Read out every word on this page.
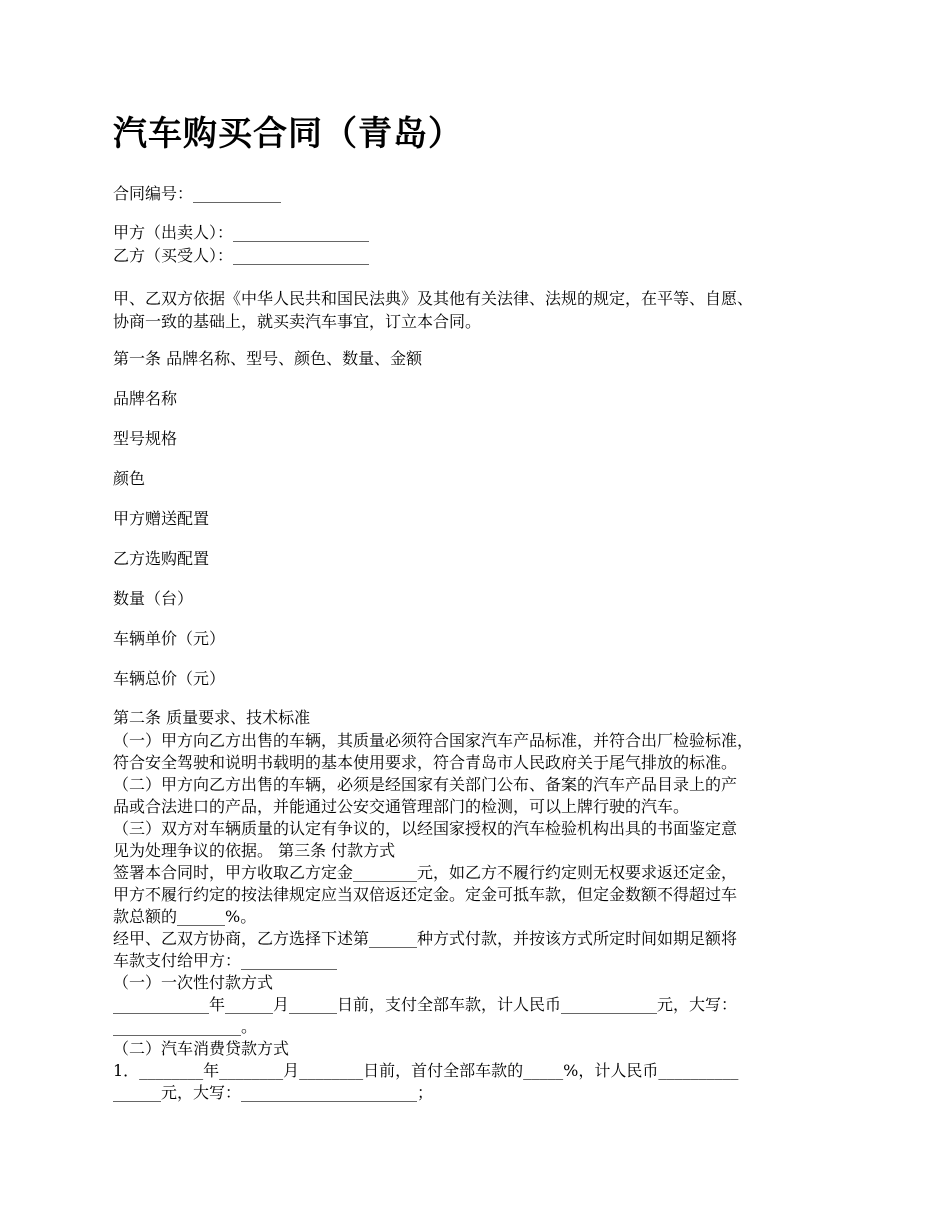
汽车购买合同（青岛）
合同编号：___________
甲方（出卖人）：_________________
乙方（买受人）：_________________
甲、乙双方依据《中华人民共和国民法典》及其他有关法律、法规的规定，在平等、自愿、
协商一致的基础上，就买卖汽车事宜，订立本合同。
第一条 品牌名称、型号、颜色、数量、金额
品牌名称
型号规格
颜色
甲方赠送配置
乙方选购配置
数量（台）
车辆单价（元）
车辆总价（元）
第二条 质量要求、技术标准
（一）甲方向乙方出售的车辆，其质量必须符合国家汽车产品标准，并符合出厂检验标准，
符合安全驾驶和说明书载明的基本使用要求，符合青岛市人民政府关于尾气排放的标准。
（二）甲方向乙方出售的车辆，必须是经国家有关部门公布、备案的汽车产品目录上的产
品或合法进口的产品，并能通过公安交通管理部门的检测，可以上牌行驶的汽车。
（三）双方对车辆质量的认定有争议的，以经国家授权的汽车检验机构出具的书面鉴定意
见为处理争议的依据。 第三条 付款方式
签署本合同时，甲方收取乙方定金________元，如乙方不履行约定则无权要求返还定金，
甲方不履行约定的按法律规定应当双倍返还定金。定金可抵车款，但定金数额不得超过车
款总额的______%。
经甲、乙双方协商，乙方选择下述第______种方式付款，并按该方式所定时间如期足额将
车款支付给甲方：____________
（一）一次性付款方式
____________年______月______日前，支付全部车款，计人民币____________元，大写：
________________。
（二）汽车消费贷款方式
1．________年________月________日前，首付全部车款的_____%，计人民币__________
______元，大写：______________________；
